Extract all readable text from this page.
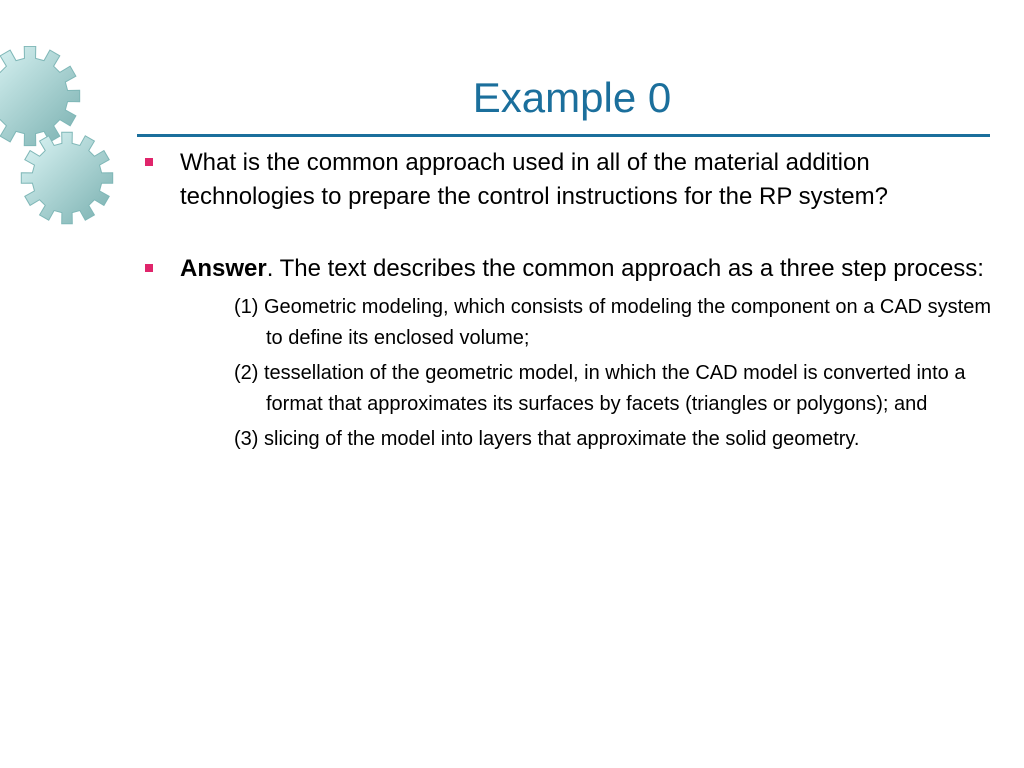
Example 0
What is the common approach used in all of the material addition technologies to prepare the control instructions for the RP system?
Answer. The text describes the common approach as a three step process:
(1) Geometric modeling, which consists of modeling the component on a CAD system to define its enclosed volume;
(2) tessellation of the geometric model, in which the CAD model is converted into a format that approximates its surfaces by facets (triangles or polygons); and
(3) slicing of the model into layers that approximate the solid geometry.
